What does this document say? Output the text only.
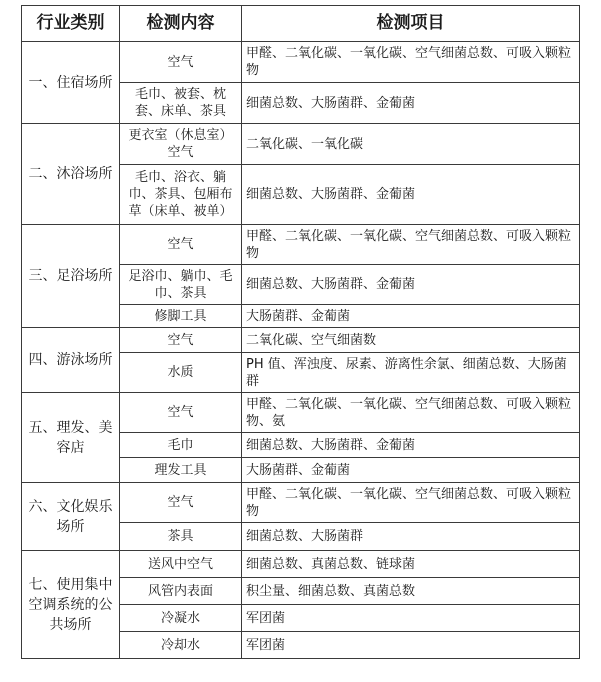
行业类别	检测内容	检测项目
一、住宿场所	空气	甲醛、二氧化碳、一氧化碳、空气细菌总数、可吸入颗粒物
	毛巾、被套、枕套、床单、茶具	细菌总数、大肠菌群、金葡菌
二、沐浴场所	更衣室（休息室）空气	二氧化碳、一氧化碳
	毛巾、浴衣、躺巾、茶具、包厢布草（床单、被单）	细菌总数、大肠菌群、金葡菌
三、足浴场所	空气	甲醛、二氧化碳、一氧化碳、空气细菌总数、可吸入颗粒物
	足浴巾、躺巾、毛巾、茶具	细菌总数、大肠菌群、金葡菌
	修脚工具	大肠菌群、金葡菌
四、游泳场所	空气	二氧化碳、空气细菌数
	水质	PH 值、浑浊度、尿素、游离性余氯、细菌总数、大肠菌群
五、理发、美容店	空气	甲醛、二氧化碳、一氧化碳、空气细菌总数、可吸入颗粒物、氨
	毛巾	细菌总数、大肠菌群、金葡菌
	理发工具	大肠菌群、金葡菌
六、文化娱乐场所	空气	甲醛、二氧化碳、一氧化碳、空气细菌总数、可吸入颗粒物
	茶具	细菌总数、大肠菌群
七、使用集中空调系统的公共场所	送风中空气	细菌总数、真菌总数、链球菌
	风管内表面	积尘量、细菌总数、真菌总数
	冷凝水	军团菌
	冷却水	军团菌
